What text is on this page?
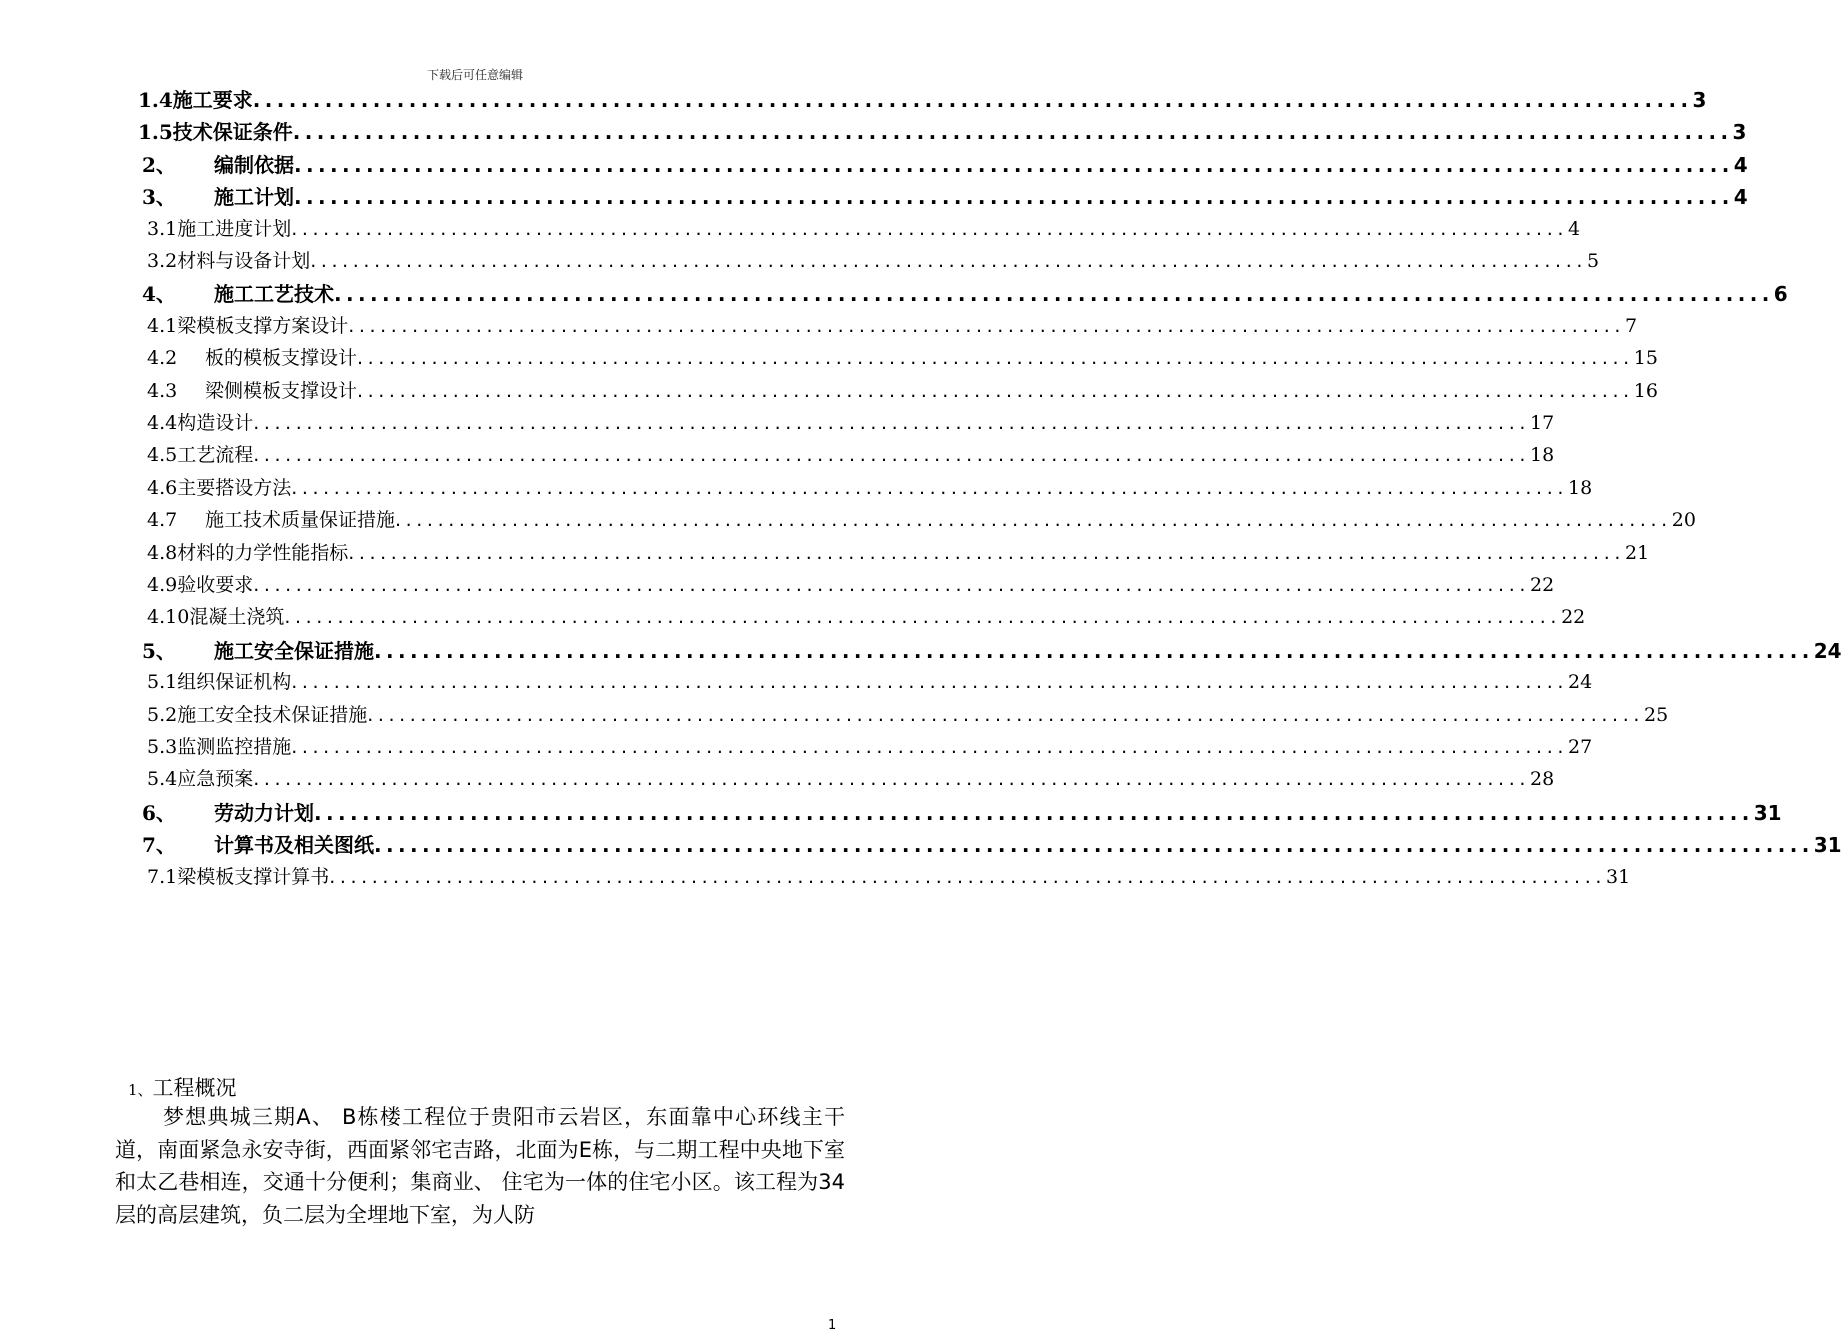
下载后可任意编辑
1.4施工要求 ........................................................................................................................ 3
1.5技术保证条件 ........................................................................................................................ 3
2、 编制依据 ........................................................................................................................ 4
3、 施工计划 ........................................................................................................................ 4
3.1施工进度计划 ........................................................................................................................ 4
3.2材料与设备计划 ........................................................................................................................ 5
4、 施工工艺技术 ........................................................................................................................ 6
4.1梁模板支撑方案设计 ........................................................................................................................ 7
4.2 板的模板支撑设计 ........................................................................................................................ 15
4.3 梁侧模板支撑设计 ........................................................................................................................ 16
4.4构造设计 ........................................................................................................................ 17
4.5工艺流程 ........................................................................................................................ 18
4.6主要搭设方法 ........................................................................................................................ 18
4.7 施工技术质量保证措施 ........................................................................................................................ 20
4.8材料的力学性能指标 ........................................................................................................................ 21
4.9验收要求 ........................................................................................................................ 22
4.10混凝土浇筑 ........................................................................................................................ 22
5、 施工安全保证措施 ........................................................................................................................ 24
5.1组织保证机构 ........................................................................................................................ 24
5.2施工安全技术保证措施 ........................................................................................................................ 25
5.3监测监控措施 ........................................................................................................................ 27
5.4应急预案 ........................................................................................................................ 28
6、 劳动力计划 ........................................................................................................................ 31
7、 计算书及相关图纸 ........................................................................................................................ 31
7.1梁模板支撑计算书 ........................................................................................................................ 31
1、工程概况
梦想典城三期A、 B栋楼工程位于贵阳市云岩区，东面靠中心环线主干道，南面紧急永安寺街，西面紧邻宅吉路，北面为E栋，与二期工程中央地下室和太乙巷相连，交通十分便利；集商业、 住宅为一体的住宅小区。该工程为34层的高层建筑，负二层为全埋地下室，为人防
1
